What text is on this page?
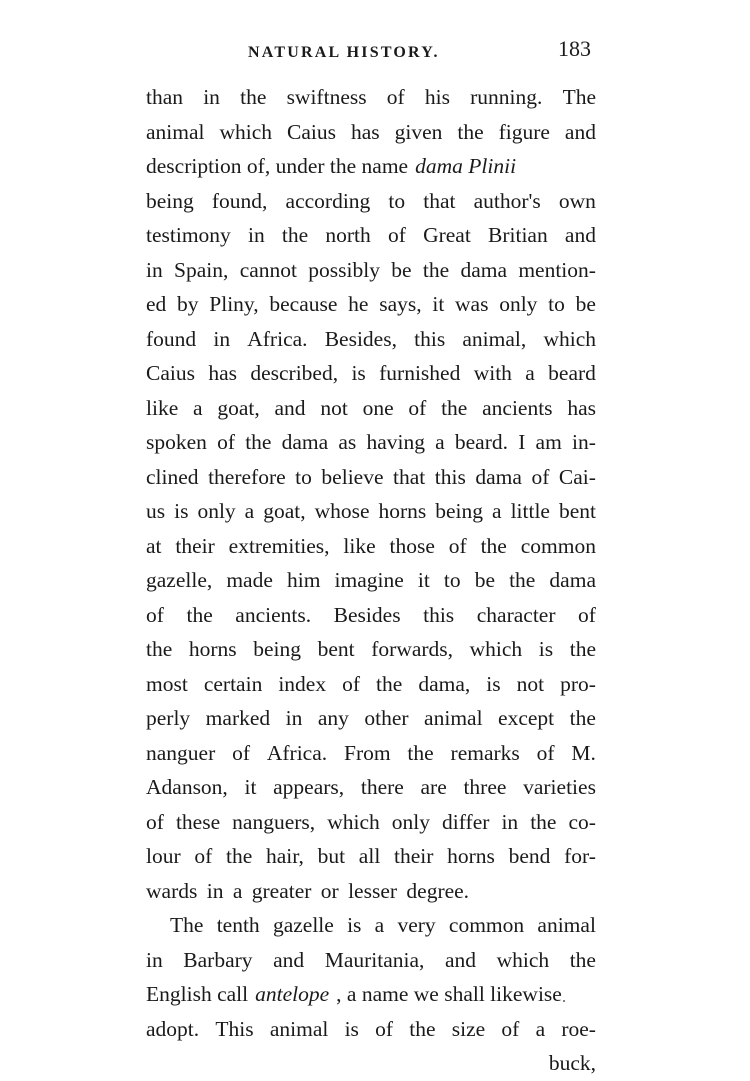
NATURAL HISTORY.	183
than in the swiftness of his running. The
animal which Caius has given the figure and
description of, under the name dama Plinii
being found, according to that author's own
testimony in the north of Great Britian and
in Spain, cannot possibly be the dama mention-
ed by Pliny, because he says, it was only to be
found in Africa. Besides, this animal, which
Caius has described, is furnished with a beard
like a goat, and not one of the ancients has
spoken of the dama as having a beard. I am in-
clined therefore to believe that this dama of Cai-
us is only a goat, whose horns being a little bent
at their extremities, like those of the common
gazelle, made him imagine it to be the dama
of the ancients. Besides this character of
the horns being bent forwards, which is the
most certain index of the dama, is not pro-
perly marked in any other animal except the
nanguer of Africa. From the remarks of M.
Adanson, it appears, there are three varieties
of these nanguers, which only differ in the co-
lour of the hair, but all their horns bend for-
wards in a greater or lesser degree.
The tenth gazelle is a very common animal
in Barbary and Mauritania, and which the
English call antelope , a name we shall likewise
adopt. This animal is of the size of a roe-
buck,
